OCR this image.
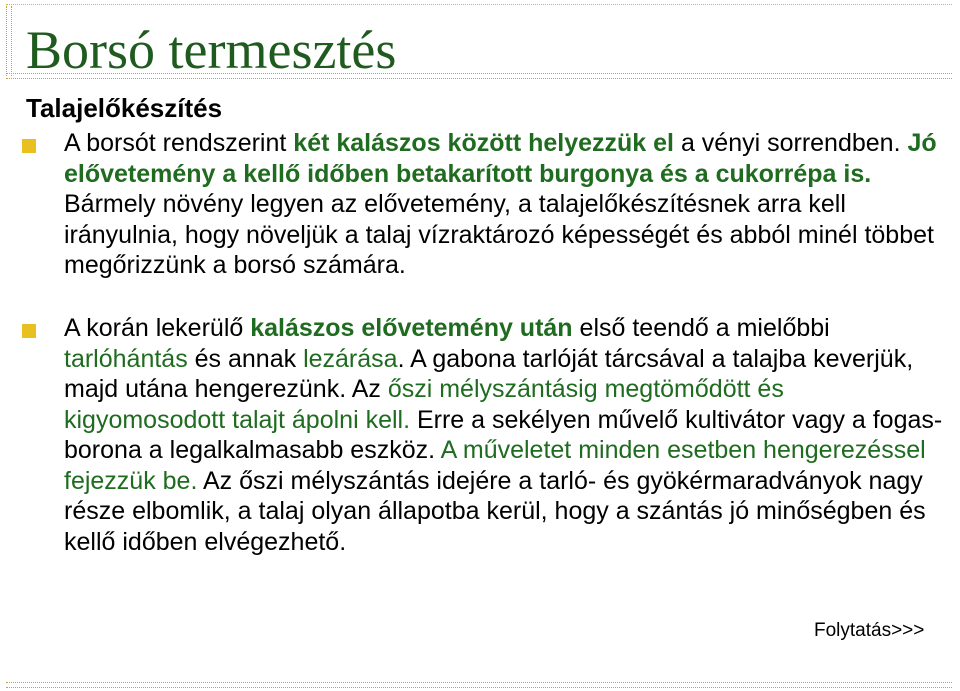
Borsó termesztés
Talajelőkészítés

A borsót rendszerint két kalászos között helyezzük el a vényi sorrendben. Jó elővetemény a kellő időben betakarított burgonya és a cukorrépa is. Bármely növény legyen az elővetemény, a talajelőkészítésnek arra kell irányulnia, hogy növeljük a talaj vízraktározó képességét és abból minél többet megőrizzünk a borsó számára.

A korán lekerülő kalászos elővetemény után első teendő a mielőbbi tarlóhántás és annak lezárása. A gabona tarlóját tárcsával a talajba keverjük, majd utána hengerezünk. Az őszi mélyszántásig megtömődött és kigyomosodott talajt ápolni kell. Erre a sekélyen művelő kultivátor vagy a fogas-borona a legalkalmasabb eszköz. A műveletet minden esetben hengerezéssel fejezzük be. Az őszi mélyszántás idejére a tarló- és gyökérmaradványok nagy része elbomlik, a talaj olyan állapotba kerül, hogy a szántás jó minőségben és kellő időben elvégezhető.

Folytatás>>>
